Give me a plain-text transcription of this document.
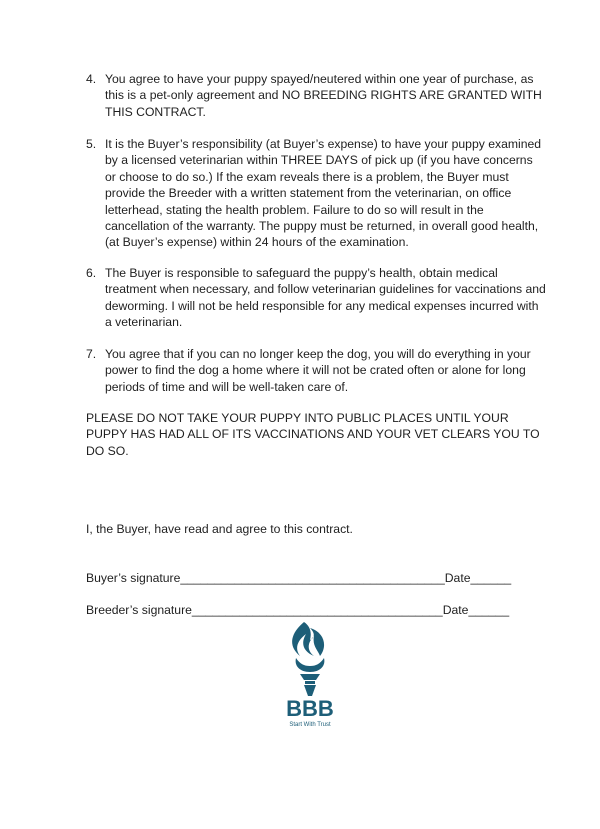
4. You agree to have your puppy spayed/neutered within one year of purchase, as this is a pet-only agreement and NO BREEDING RIGHTS ARE GRANTED WITH THIS CONTRACT.
5. It is the Buyer’s responsibility (at Buyer’s expense) to have your puppy examined by a licensed veterinarian within THREE DAYS of pick up (if you have concerns or choose to do so.) If the exam reveals there is a problem, the Buyer must provide the Breeder with a written statement from the veterinarian, on office letterhead, stating the health problem. Failure to do so will result in the cancellation of the warranty. The puppy must be returned, in overall good health, (at Buyer’s expense) within 24 hours of the examination.
6. The Buyer is responsible to safeguard the puppy’s health, obtain medical treatment when necessary, and follow veterinarian guidelines for vaccinations and deworming. I will not be held responsible for any medical expenses incurred with a veterinarian.
7. You agree that if you can no longer keep the dog, you will do everything in your power to find the dog a home where it will not be crated often or alone for long periods of time and will be well-taken care of.
PLEASE DO NOT TAKE YOUR PUPPY INTO PUBLIC PLACES UNTIL YOUR PUPPY HAS HAD ALL OF ITS VACCINATIONS AND YOUR VET CLEARS YOU TO DO SO.
I, the Buyer, have read and agree to this contract.
Buyer’s signature_______________________________________Date______
Breeder’s signature_____________________________________Date______
BBB
Start With Trust
